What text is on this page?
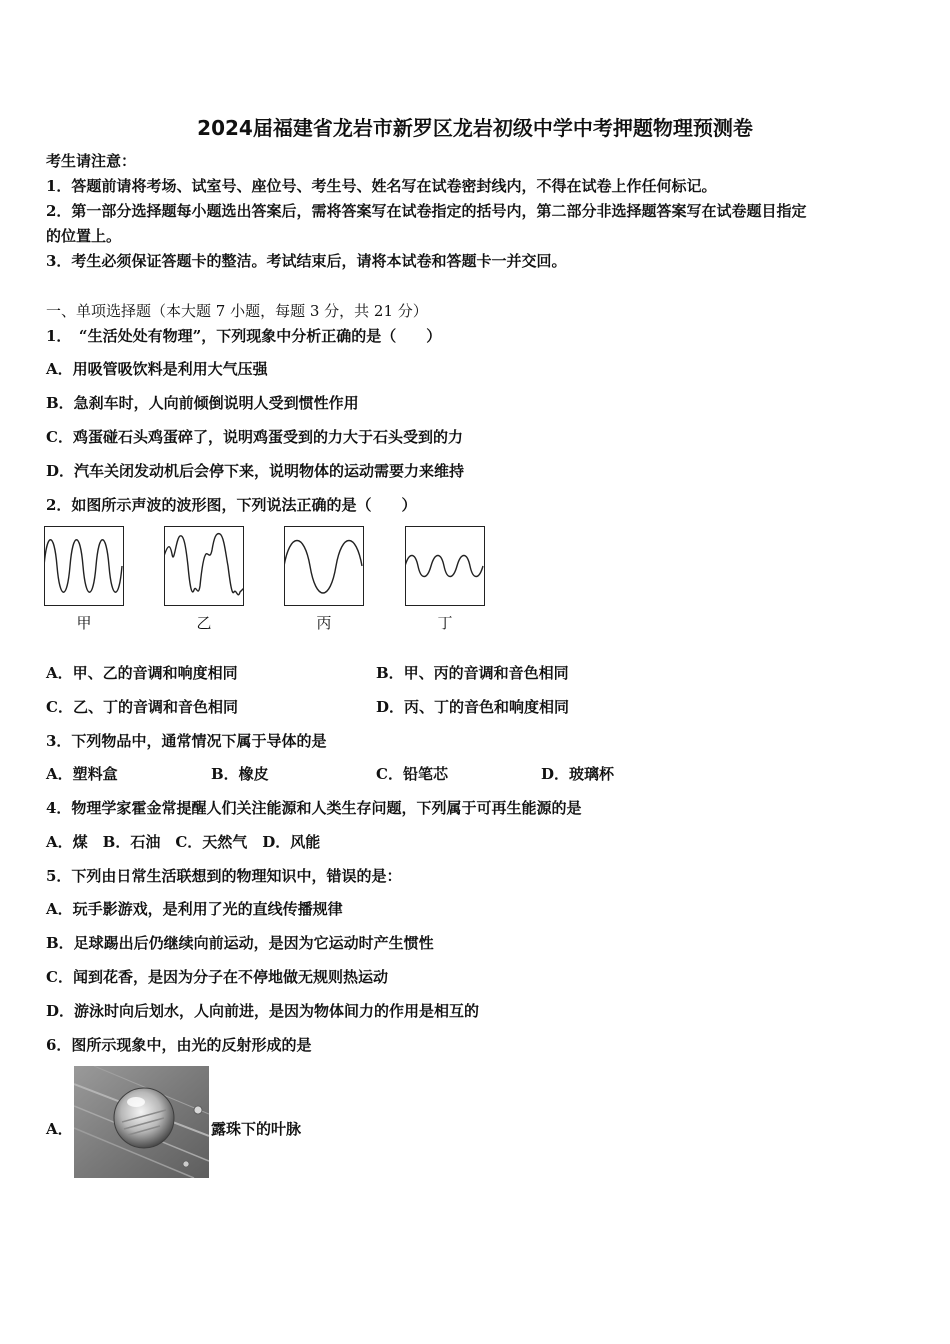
2024届福建省龙岩市新罗区龙岩初级中学中考押题物理预测卷
考生请注意：
1．答题前请将考场、试室号、座位号、考生号、姓名写在试卷密封线内，不得在试卷上作任何标记。
2．第一部分选择题每小题选出答案后，需将答案写在试卷指定的括号内，第二部分非选择题答案写在试卷题目指定
的位置上。
3．考生必须保证答题卡的整洁。考试结束后，请将本试卷和答题卡一并交回。
一、单项选择题（本大题 7 小题，每题 3 分，共 21 分）
1．　“生活处处有物理”，下列现象中分析正确的是（　　）
A．用吸管吸饮料是利用大气压强
B．急刹车时，人向前倾倒说明人受到惯性作用
C．鸡蛋碰石头鸡蛋碎了，说明鸡蛋受到的力大于石头受到的力
D．汽车关闭发动机后会停下来，说明物体的运动需要力来维持
2．如图所示声波的波形图，下列说法正确的是（　　）
甲	乙	丙	丁
A．甲、乙的音调和响度相同	B．甲、丙的音调和音色相同
C．乙、丁的音调和音色相同	D．丙、丁的音色和响度相同
3．下列物品中，通常情况下属于导体的是
A．塑料盒	B．橡皮	C．铅笔芯	D．玻璃杯
4．物理学家霍金常提醒人们关注能源和人类生存问题，下列属于可再生能源的是
A．煤　B．石油　C．天然气　D．风能
5．下列由日常生活联想到的物理知识中，错误的是：
A．玩手影游戏，是利用了光的直线传播规律
B．足球踢出后仍继续向前运动，是因为它运动时产生惯性
C．闻到花香，是因为分子在不停地做无规则热运动
D．游泳时向后划水，人向前进，是因为物体间力的作用是相互的
6．图所示现象中，由光的反射形成的是
A．	露珠下的叶脉
